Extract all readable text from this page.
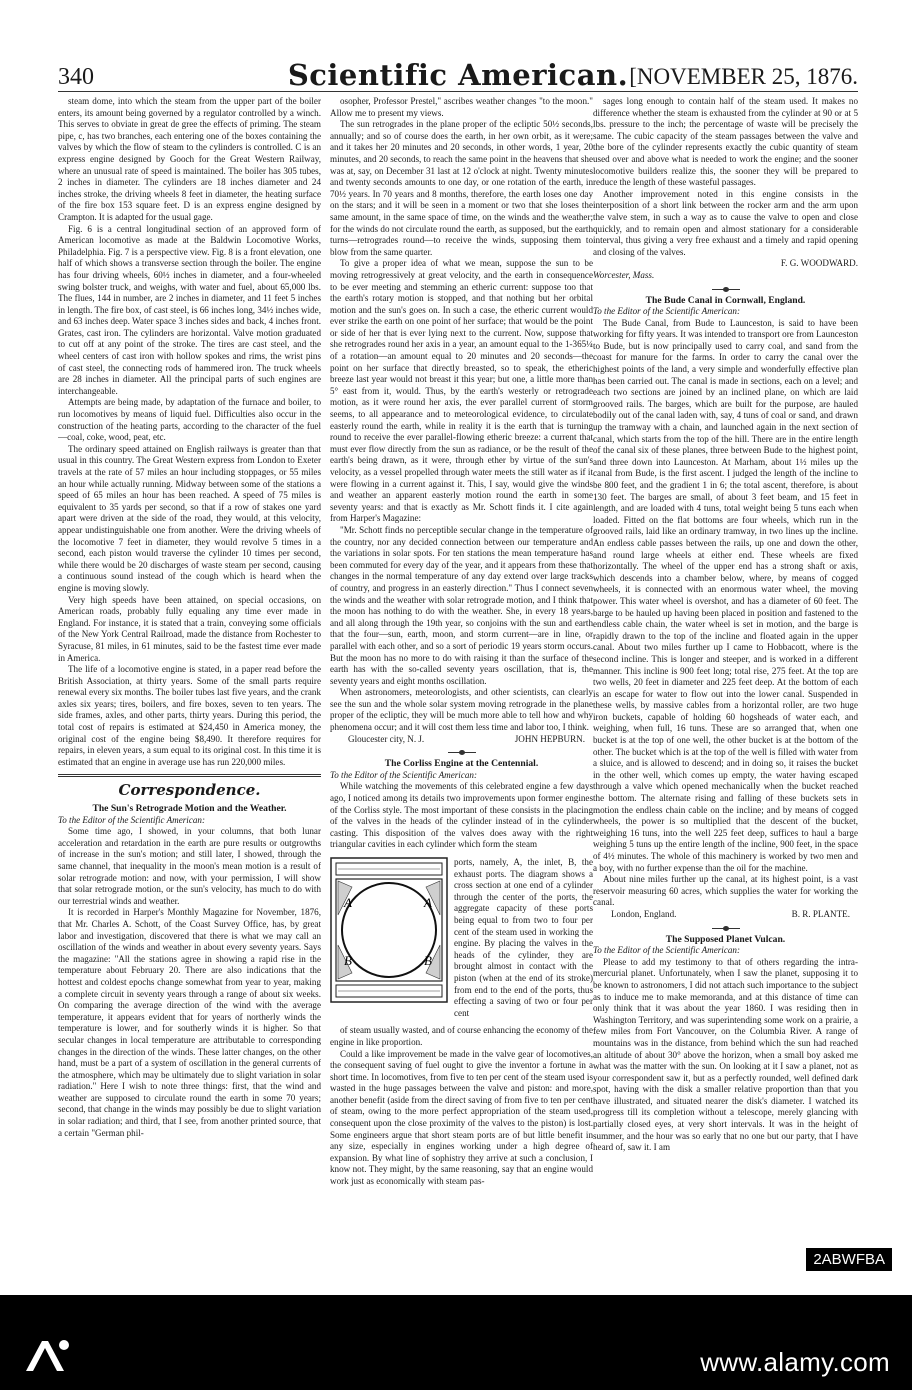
340	Scientific American. [NOVEMBER 25, 1876.

steam dome, into which the steam from the upper part of the boiler enters, its amount being governed by a regulator controlled by a winch. This serves to obviate in great de gree the effects of priming. The steam pipe, c, has two branches, each entering one of the boxes containing the valves by which the flow of steam to the cylinders is controlled. C is an express engine designed by Gooch for the Great Western Railway, where an unusual rate of speed is maintained. The boiler has 305 tubes, 2 inches in diameter. The cylinders are 18 inches diameter and 24 inches stroke, the driving wheels 8 feet in diameter, the heating surface of the fire box 153 square feet. D is an express engine designed by Crampton. It is adapted for the usual gage.

Fig. 6 is a central longitudinal section of an approved form of American locomotive as made at the Baldwin Locomotive Works, Philadelphia. Fig. 7 is a perspective view. Fig. 8 is a front elevation, one half of which shows a transverse section through the boiler. The engine has four driving wheels, 60½ inches in diameter, and a four-wheeled swing bolster truck, and weighs, with water and fuel, about 65,000 lbs. The flues, 144 in number, are 2 inches in diameter, and 11 feet 5 inches in length. The fire box, of cast steel, is 66 inches long, 34½ inches wide, and 63 inches deep. Water space 3 inches sides and back, 4 inches front. Grates, cast iron. The cylinders are horizontal. Valve motion graduated to cut off at any point of the stroke. The tires are cast steel, and the wheel centers of cast iron with hollow spokes and rims, the wrist pins of cast steel, the connecting rods of hammered iron. The truck wheels are 28 inches in diameter. All the principal parts of such engines are interchangeable.

Attempts are being made, by adaptation of the furnace and boiler, to run locomotives by means of liquid fuel. Difficulties also occur in the construction of the heating parts, according to the character of the fuel—coal, coke, wood, peat, etc.

The ordinary speed attained on English railways is greater than that usual in this country. The Great Western express from London to Exeter travels at the rate of 57 miles an hour including stoppages, or 55 miles an hour while actually running. Midway between some of the stations a speed of 65 miles an hour has been reached. A speed of 75 miles is equivalent to 35 yards per second, so that if a row of stakes one yard apart were driven at the side of the road, they would, at this velocity, appear undistinguishable one from another. Were the driving wheels of the locomotive 7 feet in diameter, they would revolve 5 times in a second, each piston would traverse the cylinder 10 times per second, while there would be 20 discharges of waste steam per second, causing a continuous sound instead of the cough which is heard when the engine is moving slowly.

Very high speeds have been attained, on special occasions, on American roads, probably fully equaling any time ever made in England. For instance, it is stated that a train, conveying some officials of the New York Central Railroad, made the distance from Rochester to Syracuse, 81 miles, in 61 minutes, said to be the fastest time ever made in America.

The life of a locomotive engine is stated, in a paper read before the British Association, at thirty years. Some of the small parts require renewal every six months. The boiler tubes last five years, and the crank axles six years; tires, boilers, and fire boxes, seven to ten years. The side frames, axles, and other parts, thirty years. During this period, the total cost of repairs is estimated at $24,450 in America money, the original cost of the engine being $8,490. It therefore requires for repairs, in eleven years, a sum equal to its original cost. In this time it is estimated that an engine in average use has run 220,000 miles.

Correspondence.

The Sun's Retrograde Motion and the Weather.

To the Editor of the Scientific American:

Some time ago, I showed, in your columns, that both lunar acceleration and retardation in the earth are pure results or outgrowths of increase in the sun's motion; and still later, I showed, through the same channel, that inequality in the moon's mean motion is a result of solar retrograde motion: and now, with your permission, I will show that solar retrograde motion, or the sun's velocity, has much to do with our terrestrial winds and weather.

It is recorded in Harper's Monthly Magazine for November, 1876, that Mr. Charles A. Schott, of the Coast Survey Office, has, by great labor and investigation, discovered that there is what we may call an oscillation of the winds and weather in about every seventy years. Says the magazine: "All the stations agree in showing a rapid rise in the temperature about February 20. There are also indications that the hottest and coldest epochs change somewhat from year to year, making a complete circuit in seventy years through a range of about six weeks. On comparing the average direction of the wind with the average temperature, it appears evident that for years of northerly winds the temperature is lower, and for southerly winds it is higher. So that secular changes in local temperature are attributable to corresponding changes in the direction of the winds. These latter changes, on the other hand, must be a part of a system of oscillation in the general currents of the atmosphere, which may be ultimately due to slight variation in solar radiation." Here I wish to note three things: first, that the wind and weather are supposed to circulate round the earth in some 70 years; second, that change in the winds may possibly be due to slight variation in solar radiation; and third, that I see, from another printed source, that a certain "German phil-

osopher, Professor Prestel," ascribes weather changes "to the moon." Allow me to present my views.

The sun retrogrades in the plane proper of the ecliptic 50½ seconds, annually; and so of course does the earth, in her own orbit, as it were; and it takes her 20 minutes and 20 seconds, in other words, 1 year, 20 minutes, and 20 seconds, to reach the same point in the heavens that she was at, say, on December 31 last at 12 o'clock at night. Twenty minutes and twenty seconds amounts to one day, or one rotation of the earth, in 70½ years. In 70 years and 8 months, therefore, the earth loses one day on the stars; and it will be seen in a moment or two that she loses the same amount, in the same space of time, on the winds and the weather; for the winds do not circulate round the earth, as supposed, but the earth turns—retrogrades round—to receive the winds, supposing them to blow from the same quarter.

To give a proper idea of what we mean, suppose the sun to be moving retrogressively at great velocity, and the earth in consequence to be ever meeting and stemming an etheric current: suppose too that the earth's rotary motion is stopped, and that nothing but her orbital motion and the sun's goes on. In such a case, the etheric current would ever strike the earth on one point of her surface; that would be the point or side of her that is ever lying next to the current. Now, suppose that she retrogrades round her axis in a year, an amount equal to the 1-365¼ of a rotation—an amount equal to 20 minutes and 20 seconds—the point on her surface that directly breasted, so to speak, the etheric breeze last year would not breast it this year; but one, a little more than 5° east from it, would. Thus, by the earth's westerly or retrograde motion, as it were round her axis, the ever parallel current of storm seems, to all appearance and to meteorological evidence, to circulate easterly round the earth, while in reality it is the earth that is turning round to receive the ever parallel-flowing etheric breeze: a current that must ever flow directly from the sun as radiance, or be the result of the earth's being drawn, as it were, through ether by virtue of the sun's velocity, as a vessel propelled through water meets the still water as if it were flowing in a current against it. This, I say, would give the winds and weather an apparent easterly motion round the earth in some seventy years: and that is exactly as Mr. Schott finds it. I cite again from Harper's Magazine:

"Mr. Schott finds no perceptible secular change in the temperature of the country, nor any decided connection between our temperature and the variations in solar spots. For ten stations the mean temperature has been commuted for every day of the year, and it appears from these that changes in the normal temperature of any day extend over large tracks of country, and progress in an easterly direction." Thus I connect seven the winds and the weather with solar retrograde motion, and I think that the moon has nothing to do with the weather. She, in every 18 years, and all along through the 19th year, so conjoins with the sun and earth that the four—sun, earth, moon, and storm current—are in line, or parallel with each other, and so a sort of periodic 19 years storm occurs. But the moon has no more to do with raising it than the surface of the earth has with the so-called seventy years oscillation, that is, the seventy years and eight months oscillation.

When astronomers, meteorologists, and other scientists, can clearly see the sun and the whole solar system moving retrograde in the plane proper of the ecliptic, they will be much more able to tell how and why phenomena occur; and it will cost them less time and labor too, I think.

Gloucester city, N. J.	JOHN HEPBURN.

The Corliss Engine at the Centennial.

To the Editor of the Scientific American:

While watching the movements of this celebrated engine a few days ago, I noticed among its details two improvements upon former engines of the Corliss style. The most important of these consists in the placing of the valves in the heads of the cylinder instead of in the cylinder casting. This disposition of the valves does away with the right triangular cavities in each cylinder which form the steam

A	A
B	B
ports, namely, A, the inlet, B, the exhaust ports. The diagram shows a cross section at one end of a cylinder through the center of the ports, the aggregate capacity of these ports being equal to from two to four per cent of the steam used in working the engine. By placing the valves in the heads of the cylinder, they are brought almost in contact with the piston (when at the end of its stroke) from end to the end of the ports, thus effecting a saving of two or four per cent

of steam usually wasted, and of course enhancing the economy of the engine in like proportion.

Could a like improvement be made in the valve gear of locomotives, the consequent saving of fuel ought to give the inventor a fortune in a short time. In locomotives, from five to ten per cent of the steam used is wasted in the huge passages between the valve and piston: and more, another benefit (aside from the direct saving of from five to ten per cent of steam, owing to the more perfect appropriation of the steam used, consequent upon the close proximity of the valves to the piston) is lost. Some engineers argue that short steam ports are of but little benefit in any size, especially in engines working under a high degree of expansion. By what line of sophistry they arrive at such a conclusion, I know not. They might, by the same reasoning, say that an engine would work just as economically with steam pas-

sages long enough to contain half of the steam used. It makes no difference whether the steam is exhausted from the cylinder at 90 or at 5 lbs. pressure to the inch; the percentage of waste will be precisely the same. The cubic capacity of the steam passages between the valve and the bore of the cylinder represents exactly the cubic quantity of steam used over and above what is needed to work the engine; and the sooner locomotive builders realize this, the sooner they will be prepared to reduce the length of these wasteful passages.

Another improvement noted in this engine consists in the interposition of a short link between the rocker arm and the arm upon the valve stem, in such a way as to cause the valve to open and close quickly, and to remain open and almost stationary for a considerable interval, thus giving a very free exhaust and a timely and rapid opening and closing of the valves.

F. G. WOODWARD.

Worcester, Mass.

The Bude Canal in Cornwall, England.

To the Editor of the Scientific American:

The Bude Canal, from Bude to Launceston, is said to have been working for fifty years. It was intended to transport ore from Launceston to Bude, but is now principally used to carry coal, and sand from the coast for manure for the farms. In order to carry the canal over the highest points of the land, a very simple and wonderfully effective plan has been carried out. The canal is made in sections, each on a level; and each two sections are joined by an inclined plane, on which are laid grooved rails. The barges, which are built for the purpose, are hauled bodily out of the canal laden with, say, 4 tuns of coal or sand, and drawn up the tramway with a chain, and launched again in the next section of canal, which starts from the top of the hill. There are in the entire length of the canal six of these planes, three between Bude to the highest point, and three down into Launceston. At Marham, about 1½ miles up the canal from Bude, is the first ascent. I judged the length of the incline to be 800 feet, and the gradient 1 in 6; the total ascent, therefore, is about 130 feet. The barges are small, of about 3 feet beam, and 15 feet in length, and are loaded with 4 tuns, total weight being 5 tuns each when loaded. Fitted on the flat bottoms are four wheels, which run in the grooved rails, laid like an ordinary tramway, in two lines up the incline. An endless cable passes between the rails, up one and down the other, and round large wheels at either end. These wheels are fixed horizontally. The wheel of the upper end has a strong shaft or axis, which descends into a chamber below, where, by means of cogged wheels, it is connected with an enormous water wheel, the moving power. This water wheel is overshot, and has a diameter of 60 feet. The barge to be hauled up having been placed in position and fastened to the endless cable chain, the water wheel is set in motion, and the barge is rapidly drawn to the top of the incline and floated again in the upper canal. About two miles further up I came to Hobbacott, where is the second incline. This is longer and steeper, and is worked in a different manner. This incline is 900 feet long; total rise, 275 feet. At the top are two wells, 20 feet in diameter and 225 feet deep. At the bottom of each is an escape for water to flow out into the lower canal. Suspended in these wells, by massive cables from a horizontal roller, are two huge iron buckets, capable of holding 60 hogsheads of water each, and weighing, when full, 16 tuns. These are so arranged that, when one bucket is at the top of one well, the other bucket is at the bottom of the other. The bucket which is at the top of the well is filled with water from a sluice, and is allowed to descend; and in doing so, it raises the bucket in the other well, which comes up empty, the water having escaped through a valve which opened mechanically when the bucket reached the bottom. The alternate rising and falling of these buckets sets in motion the endless chain cable on the incline; and by means of cogged wheels, the power is so multiplied that the descent of the bucket, weighing 16 tuns, into the well 225 feet deep, suffices to haul a barge weighing 5 tuns up the entire length of the incline, 900 feet, in the space of 4½ minutes. The whole of this machinery is worked by two men and a boy, with no further expense than the oil for the machine.

About nine miles further up the canal, at its highest point, is a vast reservoir measuring 60 acres, which supplies the water for working the canal.

London, England.	B. R. PLANTE.

The Supposed Planet Vulcan.

To the Editor of the Scientific American:

Please to add my testimony to that of others regarding the intra-mercurial planet. Unfortunately, when I saw the planet, supposing it to be known to astronomers, I did not attach such importance to the subject as to induce me to make memoranda, and at this distance of time can only think that it was about the year 1860. I was residing then in Washington Territory, and was superintending some work on a prairie, a few miles from Fort Vancouver, on the Columbia River. A range of mountains was in the distance, from behind which the sun had reached an altitude of about 30° above the horizon, when a small boy asked me what was the matter with the sun. On looking at it I saw a planet, not as your correspondent saw it, but as a perfectly rounded, well defined dark spot, having with the disk a smaller relative proportion than that you have illustrated, and situated nearer the disk's diameter. I watched its progress till its completion without a telescope, merely glancing with partially closed eyes, at very short intervals. It was in the height of summer, and the hour was so early that no one but our party, that I have heard of, saw it. I am

2ABWFBA
www.alamy.com
